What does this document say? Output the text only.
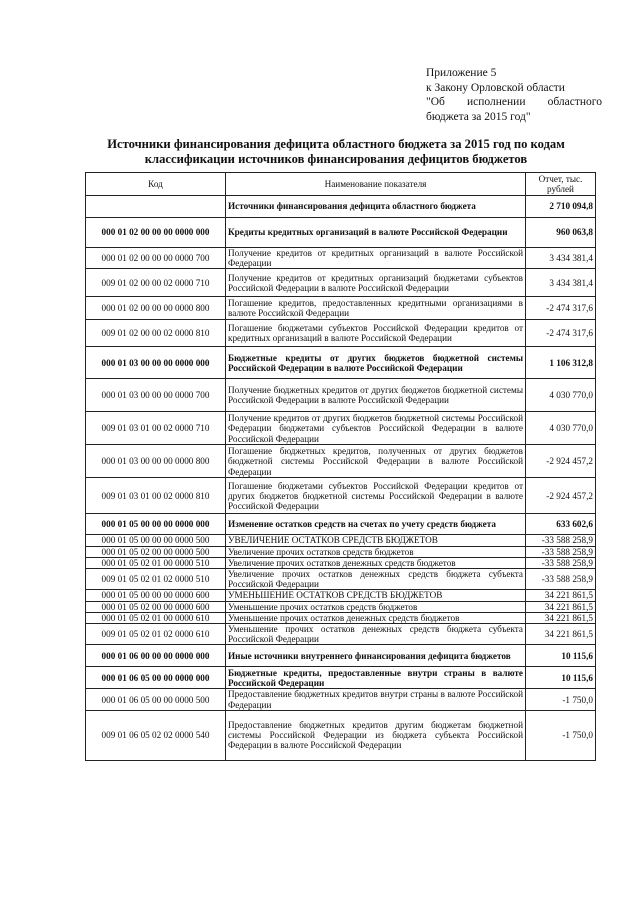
Приложение 5
к Закону Орловской области
"Об исполнении областного
бюджета за 2015 год"
Источники финансирования дефицита областного бюджета за 2015 год по кодам классификации источников финансирования дефицитов бюджетов
Код	Наименование показателя	Отчет, тыс. рублей
	Источники финансирования дефицита областного бюджета	2 710 094,8
000 01 02 00 00 00 0000 000	Кредиты кредитных организаций в валюте Российской Федерации	960 063,8
000 01 02 00 00 00 0000 700	Получение кредитов от кредитных организаций в валюте Российской Федерации	3 434 381,4
009 01 02 00 00 02 0000 710	Получение кредитов от кредитных организаций бюджетами субъектов Российской Федерации в валюте Российской Федерации	3 434 381,4
000 01 02 00 00 00 0000 800	Погашение кредитов, предоставленных кредитными организациями в валюте Российской Федерации	-2 474 317,6
009 01 02 00 00 02 0000 810	Погашение бюджетами субъектов Российской Федерации кредитов от кредитных организаций в валюте Российской Федерации	-2 474 317,6
000 01 03 00 00 00 0000 000	Бюджетные кредиты от других бюджетов бюджетной системы Российской Федерации в валюте Российской Федерации	1 106 312,8
000 01 03 00 00 00 0000 700	Получение бюджетных кредитов от других бюджетов бюджетной системы Российской Федерации в валюте Российской Федерации	4 030 770,0
009 01 03 01 00 02 0000 710	Получение кредитов от других бюджетов бюджетной системы Российской Федерации бюджетами субъектов Российской Федерации в валюте Российской Федерации	4 030 770,0
000 01 03 00 00 00 0000 800	Погашение бюджетных кредитов, полученных от других бюджетов бюджетной системы Российской Федерации в валюте Российской Федерации	-2 924 457,2
009 01 03 01 00 02 0000 810	Погашение бюджетами субъектов Российской Федерации кредитов от других бюджетов бюджетной системы Российской Федерации в валюте Российской Федерации	-2 924 457,2
000 01 05 00 00 00 0000 000	Изменение остатков средств на счетах по учету средств бюджета	633 602,6
000 01 05 00 00 00 0000 500	УВЕЛИЧЕНИЕ ОСТАТКОВ СРЕДСТВ БЮДЖЕТОВ	-33 588 258,9
000 01 05 02 00 00 0000 500	Увеличение прочих остатков средств бюджетов	-33 588 258,9
000 01 05 02 01 00 0000 510	Увеличение прочих остатков денежных средств бюджетов	-33 588 258,9
009 01 05 02 01 02 0000 510	Увеличение прочих остатков денежных средств бюджета субъекта Российской Федерации	-33 588 258,9
000 01 05 00 00 00 0000 600	УМЕНЬШЕНИЕ ОСТАТКОВ СРЕДСТВ БЮДЖЕТОВ	34 221 861,5
000 01 05 02 00 00 0000 600	Уменьшение прочих остатков средств бюджетов	34 221 861,5
000 01 05 02 01 00 0000 610	Уменьшение прочих остатков денежных средств бюджетов	34 221 861,5
009 01 05 02 01 02 0000 610	Уменьшение прочих остатков денежных средств бюджета субъекта Российской Федерации	34 221 861,5
000 01 06 00 00 00 0000 000	Иные источники внутреннего финансирования дефицита бюджетов	10 115,6
000 01 06 05 00 00 0000 000	Бюджетные кредиты, предоставленные внутри страны в валюте Российской Федерации	10 115,6
000 01 06 05 00 00 0000 500	Предоставление бюджетных кредитов внутри страны в валюте Российской Федерации	-1 750,0
009 01 06 05 02 02 0000 540	Предоставление бюджетных кредитов другим бюджетам бюджетной системы Российской Федерации из бюджета субъекта Российской Федерации в валюте Российской Федерации	-1 750,0
